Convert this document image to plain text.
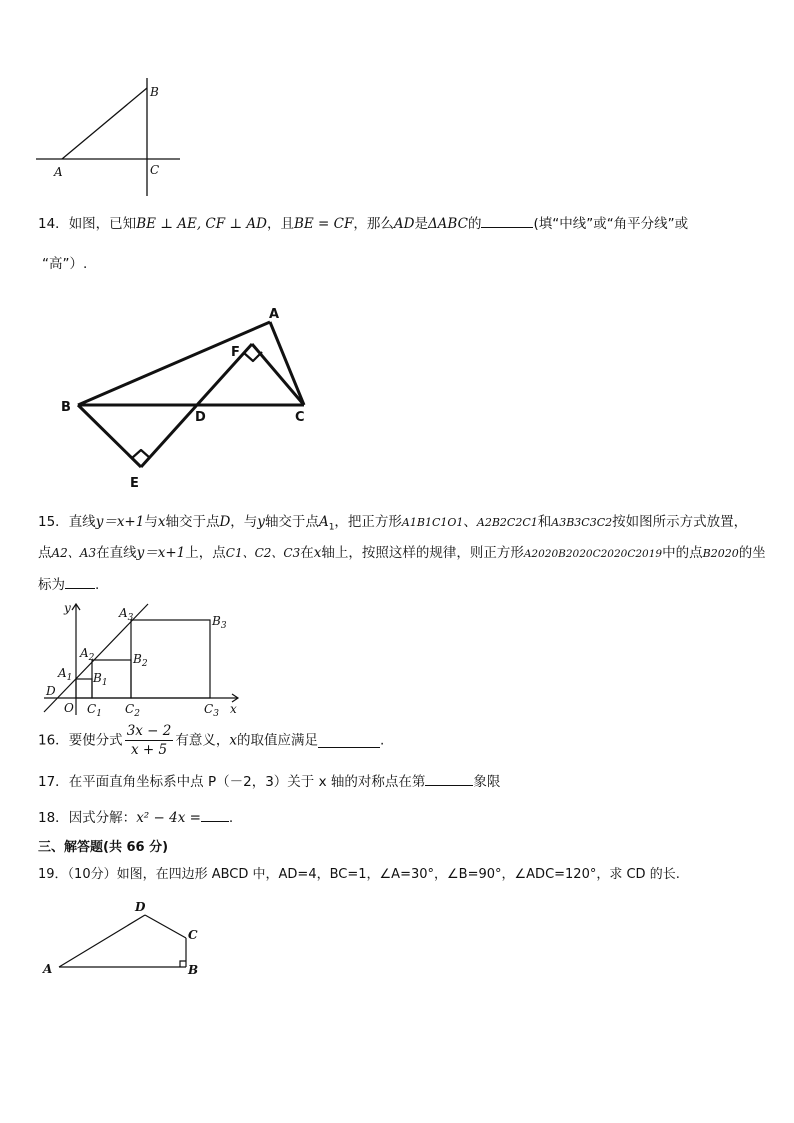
A
B
C
14．如图，已知BE ⊥ AE, CF ⊥ AD，且BE = CF，那么AD是ΔABC的	(填“中线”或“角平分线”或
“高”）.
A
B
C
D
E
F
15．直线y＝x+1与x轴交于点D，与y轴交于点$A_1$，把正方形A1B1C1O1、A2B2C2C1和A3B3C3C2按如图所示方式放置，
点A2、A3在直线y＝x+1上，点C1、C2、C3在x轴上，按照这样的规律，则正方形A2020B2020C2020C2019中的点B2020的坐
标为 .
y
x
O
D
$A_1$
$A_2$
$A_3$
$B_1$
$B_2$
$B_3$
$C_1$ $C_2$	$C_3$
16．要使分式 $\frac{3x - 2}{x + 5}$ 有意义，x的取值应满足	.
17．在平面直角坐标系中点 P（－2，3）关于 x 轴的对称点在第	象限
18．因式分解：x² − 4x = .
三、解答题(共 66 分)
19．（10分）如图，在四边形 ABCD 中，AD=4，BC=1，∠A=30°，∠B=90°，∠ADC=120°，求 CD 的长.
A	B
C
D
